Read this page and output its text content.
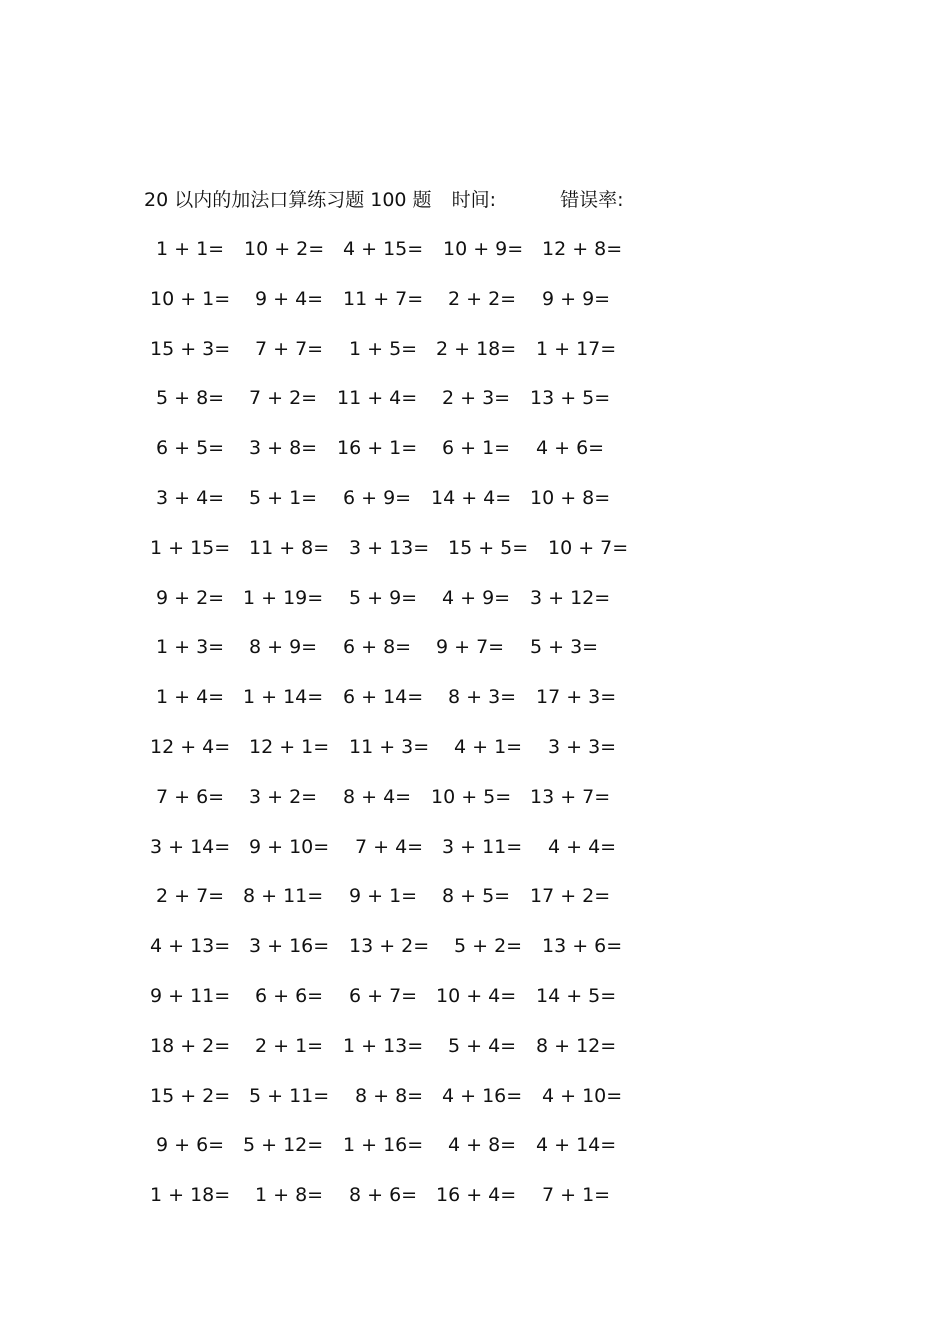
20 以内的加法口算练习题 100 题 时间:	错误率:
1 + 1= 10 + 2= 4 + 15= 10 + 9= 12 + 8=
10 + 1= 9 + 4= 11 + 7= 2 + 2= 9 + 9=
15 + 3= 7 + 7= 1 + 5= 2 + 18= 1 + 17=
5 + 8= 7 + 2= 11 + 4= 2 + 3= 13 + 5=
6 + 5= 3 + 8= 16 + 1= 6 + 1= 4 + 6=
3 + 4= 5 + 1= 6 + 9= 14 + 4= 10 + 8=
1 + 15= 11 + 8= 3 + 13= 15 + 5= 10 + 7=
9 + 2= 1 + 19= 5 + 9= 4 + 9= 3 + 12=
1 + 3= 8 + 9= 6 + 8= 9 + 7= 5 + 3=
1 + 4= 1 + 14= 6 + 14= 8 + 3= 17 + 3=
12 + 4= 12 + 1= 11 + 3= 4 + 1= 3 + 3=
7 + 6= 3 + 2= 8 + 4= 10 + 5= 13 + 7=
3 + 14= 9 + 10= 7 + 4= 3 + 11= 4 + 4=
2 + 7= 8 + 11= 9 + 1= 8 + 5= 17 + 2=
4 + 13= 3 + 16= 13 + 2= 5 + 2= 13 + 6=
9 + 11= 6 + 6= 6 + 7= 10 + 4= 14 + 5=
18 + 2= 2 + 1= 1 + 13= 5 + 4= 8 + 12=
15 + 2= 5 + 11= 8 + 8= 4 + 16= 4 + 10=
9 + 6= 5 + 12= 1 + 16= 4 + 8= 4 + 14=
1 + 18= 1 + 8= 8 + 6= 16 + 4= 7 + 1=
